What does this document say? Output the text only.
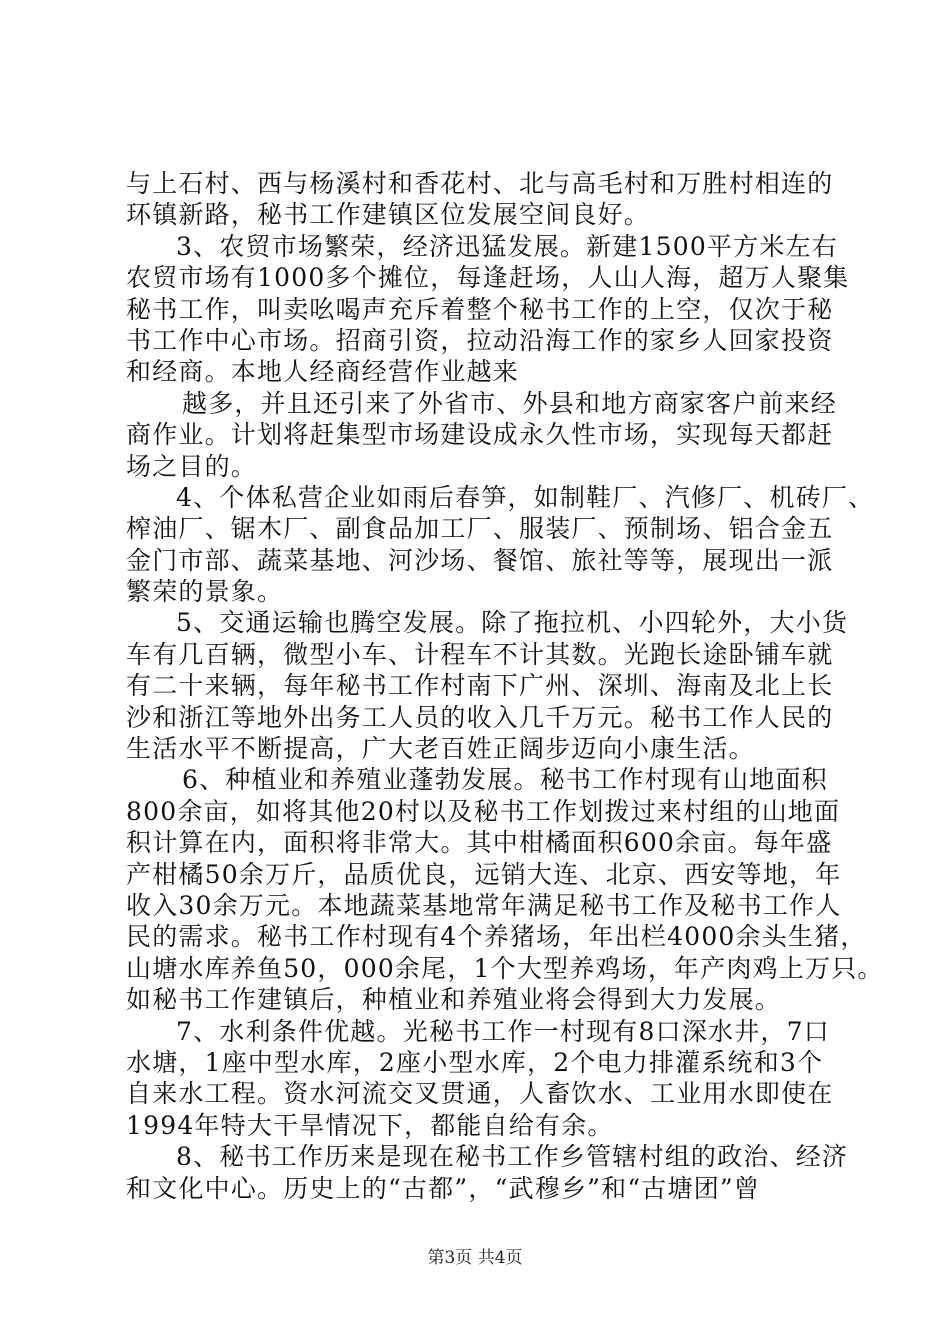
与上石村、西与杨溪村和香花村、北与高毛村和万胜村相连的
环镇新路，秘书工作建镇区位发展空间良好。
3、农贸市场繁荣，经济迅猛发展。新建1500平方米左右
农贸市场有1000多个摊位，每逢赶场，人山人海，超万人聚集
秘书工作，叫卖吆喝声充斥着整个秘书工作的上空，仅次于秘
书工作中心市场。招商引资，拉动沿海工作的家乡人回家投资
和经商。本地人经商经营作业越来
越多，并且还引来了外省市、外县和地方商家客户前来经
商作业。计划将赶集型市场建设成永久性市场，实现每天都赶
场之目的。
4、个体私营企业如雨后春笋，如制鞋厂、汽修厂、机砖厂、
榨油厂、锯木厂、副食品加工厂、服装厂、预制场、铝合金五
金门市部、蔬菜基地、河沙场、餐馆、旅社等等，展现出一派
繁荣的景象。
5、交通运输也腾空发展。除了拖拉机、小四轮外，大小货
车有几百辆，微型小车、计程车不计其数。光跑长途卧铺车就
有二十来辆，每年秘书工作村南下广州、深圳、海南及北上长
沙和浙江等地外出务工人员的收入几千万元。秘书工作人民的
生活水平不断提高，广大老百姓正阔步迈向小康生活。
6、种植业和养殖业蓬勃发展。秘书工作村现有山地面积
800余亩，如将其他20村以及秘书工作划拨过来村组的山地面
积计算在内，面积将非常大。其中柑橘面积600余亩。每年盛
产柑橘50余万斤，品质优良，远销大连、北京、西安等地，年
收入30余万元。本地蔬菜基地常年满足秘书工作及秘书工作人
民的需求。秘书工作村现有4个养猪场，年出栏4000余头生猪，
山塘水库养鱼50，000余尾，1个大型养鸡场，年产肉鸡上万只。
如秘书工作建镇后，种植业和养殖业将会得到大力发展。
7、水利条件优越。光秘书工作一村现有8口深水井，7口
水塘，1座中型水库，2座小型水库，2个电力排灌系统和3个
自来水工程。资水河流交叉贯通，人畜饮水、工业用水即使在
1994年特大干旱情况下，都能自给有余。
8、秘书工作历来是现在秘书工作乡管辖村组的政治、经济
和文化中心。历史上的“古都”，“武穆乡”和“古塘团”曾
第3页 共4页
